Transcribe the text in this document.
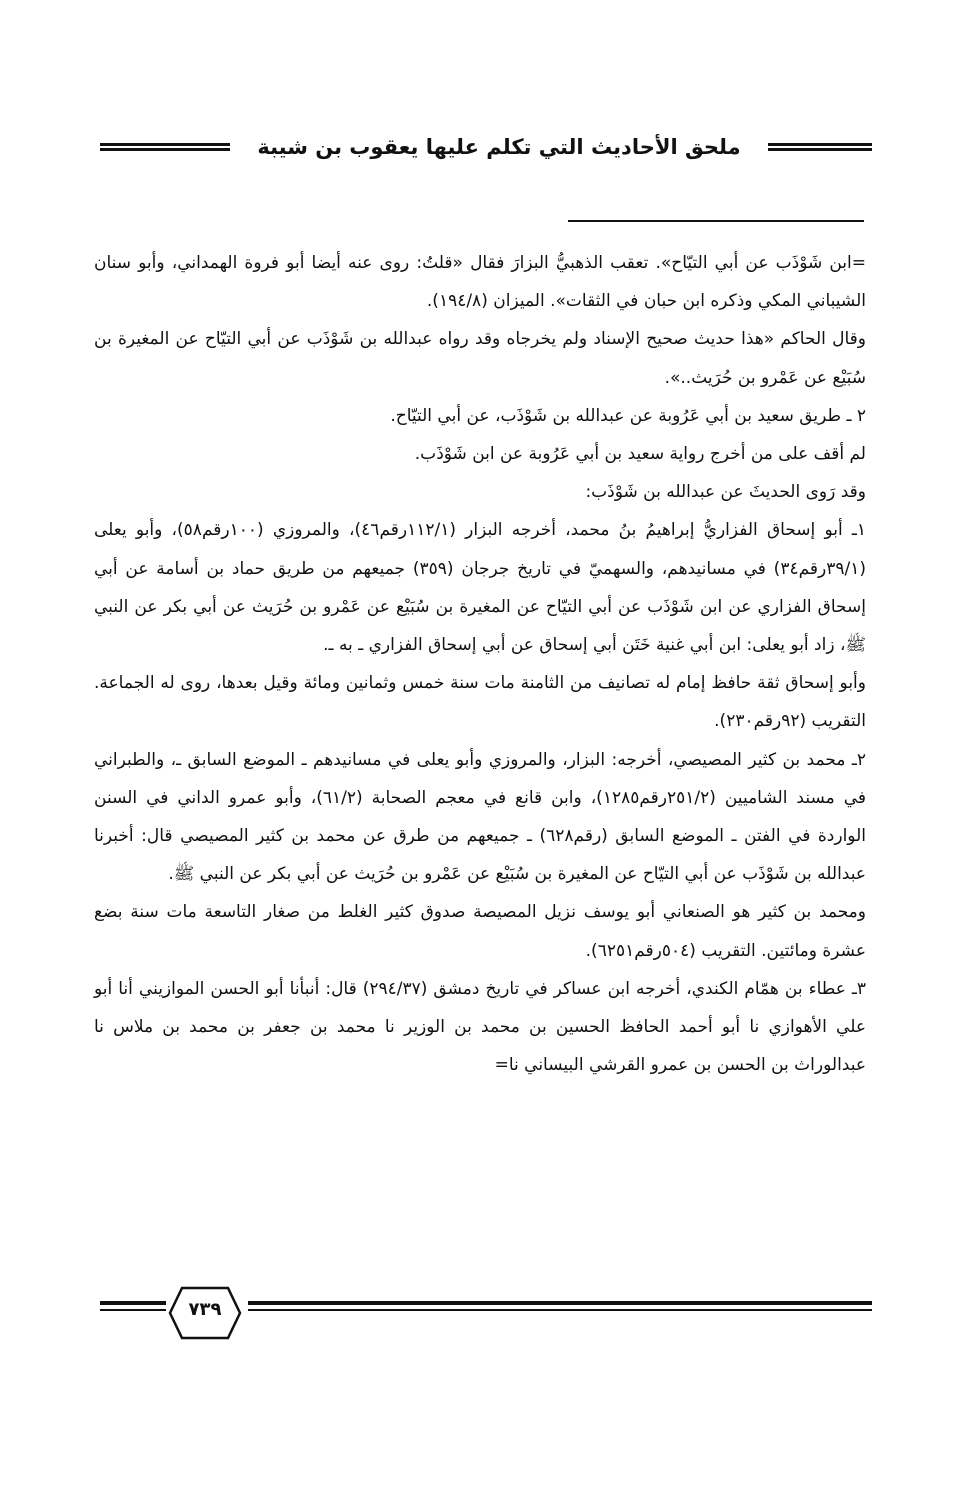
ملحق الأحاديث التي تكلم عليها يعقوب بن شيبة

=ابن شَوْذَب عن أبي التيّاح». تعقب الذهبيُّ البزارَ فقال «قلتُ: روى عنه أيضا أبو فروة الهمداني، وأبو سنان الشيباني المكي وذكره ابن حبان في الثقات». الميزان (١٩٤/٨).

وقال الحاكم «هذا حديث صحيح الإسناد ولم يخرجاه وقد رواه عبدالله بن شَوْذَب عن أبي التيّاح عن المغيرة بن سُبَيْع عن عَمْرو بن حُرَيث..».

٢ ـ طريق سعيد بن أبي عَرُوبة عن عبدالله بن شَوْذَب، عن أبي التيّاح.

لم أقف على من أخرج رواية سعيد بن أبي عَرُوبة عن ابن شَوْذَب.

وقد رَوى الحديثَ عن عبدالله بن شَوْذَب:

١ـ أبو إسحاق الفزاريُّ إبراهيمُ بنُ محمد، أخرجه البزار (١١٢/١رقم٤٦)، والمروزي (١٠٠رقم٥٨)، وأبو يعلى (٣٩/١رقم٣٤) في مسانيدهم، والسهميّ في تاريخ جرجان (٣٥٩) جميعهم من طريق حماد بن أسامة عن أبي إسحاق الفزاري عن ابن شَوْذَب عن أبي التيّاح عن المغيرة بن سُبَيْع عن عَمْرو بن حُرَيث عن أبي بكر عن النبي ﷺ، زاد أبو يعلى: ابن أبي غنية خَتَن أبي إسحاق عن أبي إسحاق الفزاري ـ به ـ.

وأبو إسحاق ثقة حافظ إمام له تصانيف من الثامنة مات سنة خمس وثمانين ومائة وقيل بعدها، روى له الجماعة. التقريب (٩٢رقم٢٣٠).

٢ـ محمد بن كثير المصيصي، أخرجه: البزار، والمروزي وأبو يعلى في مسانيدهم ـ الموضع السابق ـ، والطبراني في مسند الشاميين (٢٥١/٢رقم١٢٨٥)، وابن قانع في معجم الصحابة (٦١/٢)، وأبو عمرو الداني في السنن الواردة في الفتن ـ الموضع السابق (رقم٦٢٨) ـ جميعهم من طرق عن محمد بن كثير المصيصي قال: أخبرنا عبدالله بن شَوْذَب عن أبي التيّاح عن المغيرة بن سُبَيْع عن عَمْرو بن حُرَيث عن أبي بكر عن النبي ﷺ.

ومحمد بن كثير هو الصنعاني أبو يوسف نزيل المصيصة صدوق كثير الغلط من صغار التاسعة مات سنة بضع عشرة ومائتين. التقريب (٥٠٤رقم٦٢٥١).

٣ـ عطاء بن همّام الكندي، أخرجه ابن عساكر في تاريخ دمشق (٢٩٤/٣٧) قال: أنبأنا أبو الحسن الموازيني أنا أبو علي الأهوازي نا أبو أحمد الحافظ الحسين بن محمد بن الوزير نا محمد بن جعفر بن محمد بن ملاس نا عبدالوراث بن الحسن بن عمرو القرشي البيساني نا=

٧٣٩
